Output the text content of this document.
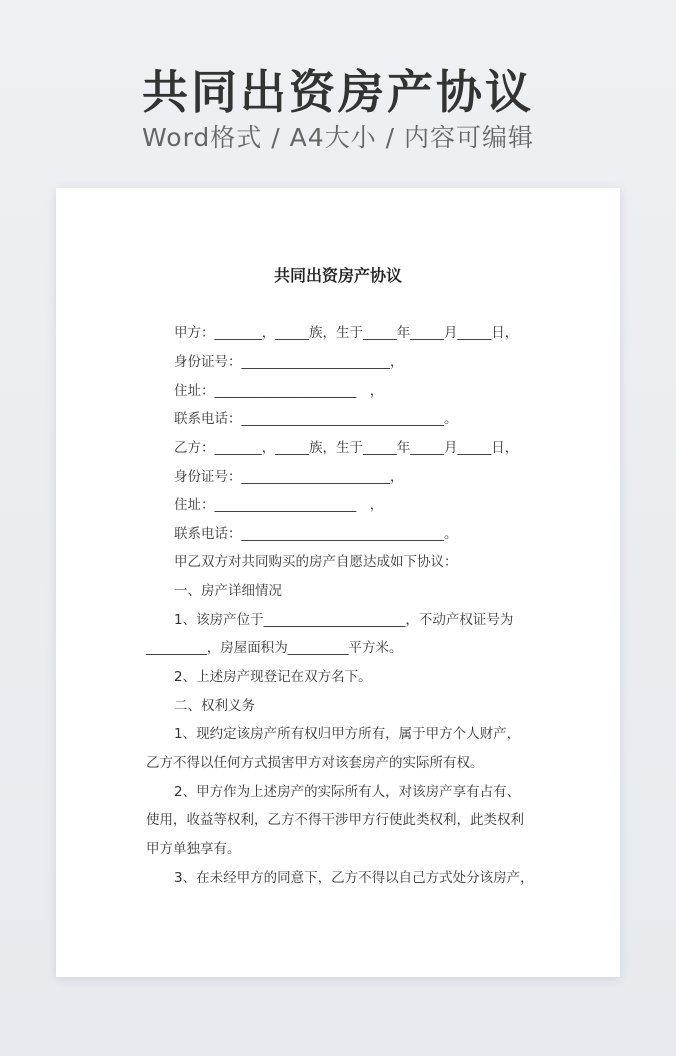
共同出资房产协议
Word格式 / A4大小 / 内容可编辑
共同出资房产协议
甲方：_______，_____族，生于_____年_____月_____日，
身份证号：______________________，
住址：_____________________　，
联系电话：______________________________。
乙方：_______，_____族，生于_____年_____月_____日，
身份证号：______________________，
住址：_____________________　，
联系电话：______________________________。
甲乙双方对共同购买的房产自愿达成如下协议：
一、房产详细情况
1、该房产位于_____________________，不动产权证号为
_________，房屋面积为_________平方米。
2、上述房产现登记在双方名下。
二、权利义务
1、现约定该房产所有权归甲方所有，属于甲方个人财产，
乙方不得以任何方式损害甲方对该套房产的实际所有权。
2、甲方作为上述房产的实际所有人，对该房产享有占有、
使用，收益等权利，乙方不得干涉甲方行使此类权利，此类权利
甲方单独享有。
3、在未经甲方的同意下，乙方不得以自己方式处分该房产，
